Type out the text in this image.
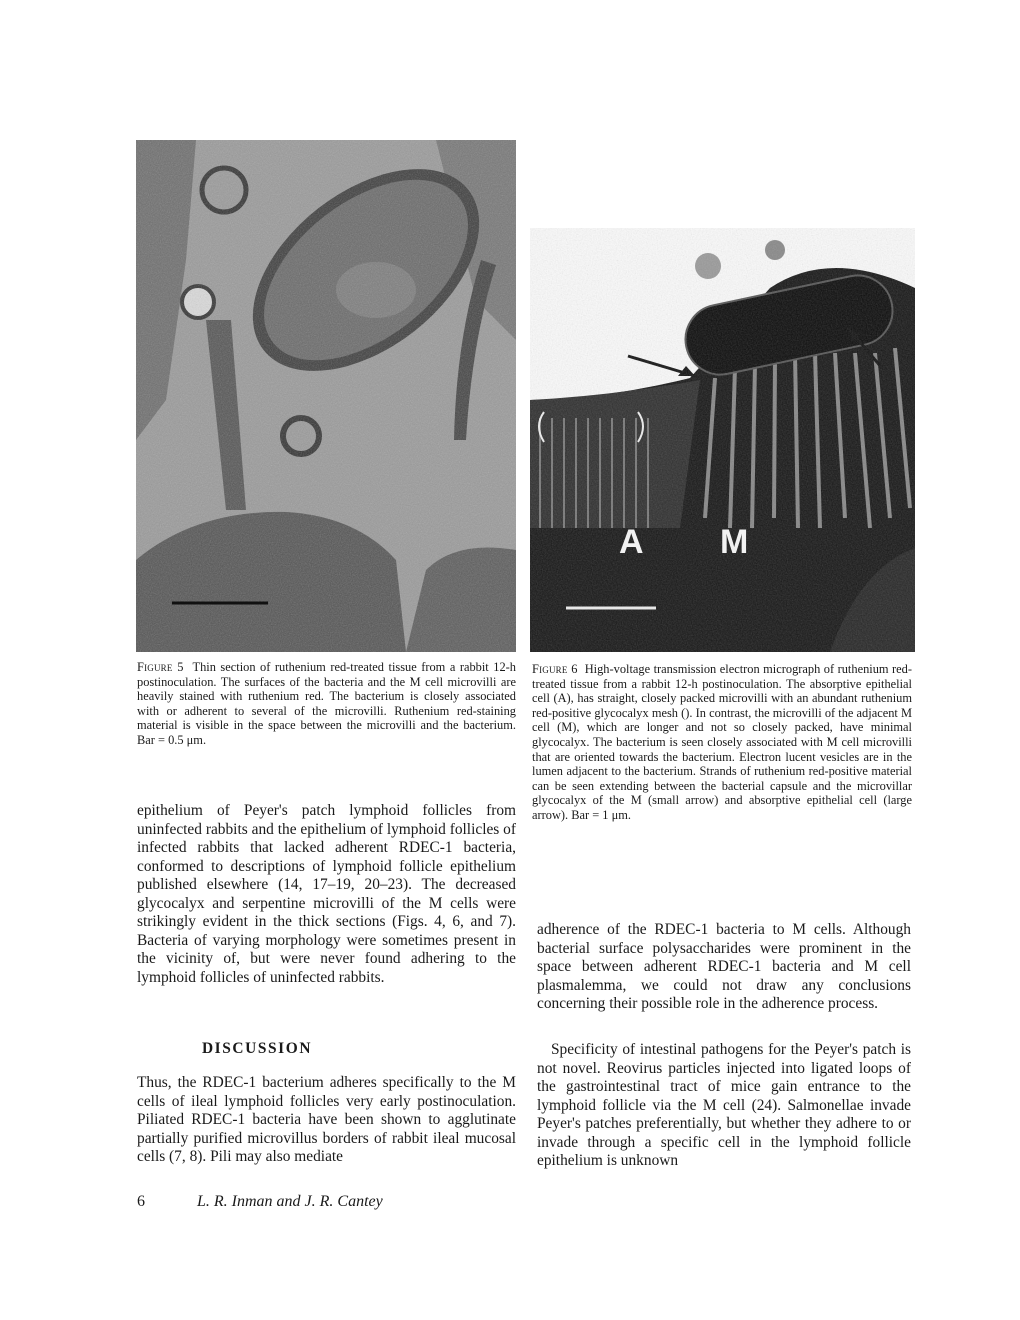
A M

Figure 5 Thin section of ruthenium red-treated tissue from a rabbit 12-h postinoculation. The surfaces of the bacteria and the M cell microvilli are heavily stained with ruthenium red. The bacterium is closely associated with or adherent to several of the microvilli. Ruthenium red-staining material is visible in the space between the microvilli and the bacterium. Bar = 0.5 μm.

Figure 6 High-voltage transmission electron micrograph of ruthenium red-treated tissue from a rabbit 12-h postinoculation. The absorptive epithelial cell (A), has straight, closely packed microvilli with an abundant ruthenium red-positive glycocalyx mesh (). In contrast, the microvilli of the adjacent M cell (M), which are longer and not so closely packed, have minimal glycocalyx. The bacterium is seen closely associated with M cell microvilli that are oriented towards the bacterium. Electron lucent vesicles are in the lumen adjacent to the bacterium. Strands of ruthenium red-positive material can be seen extending between the bacterial capsule and the microvillar glycocalyx of the M (small arrow) and absorptive epithelial cell (large arrow). Bar = 1 μm.

epithelium of Peyer's patch lymphoid follicles from uninfected rabbits and the epithelium of lymphoid follicles of infected rabbits that lacked adherent RDEC-1 bacteria, conformed to descriptions of lymphoid follicle epithelium published elsewhere (14, 17–19, 20–23). The decreased glycocalyx and serpentine microvilli of the M cells were strikingly evident in the thick sections (Figs. 4, 6, and 7). Bacteria of varying morphology were sometimes present in the vicinity of, but were never found adhering to the lymphoid follicles of uninfected rabbits.

DISCUSSION

Thus, the RDEC-1 bacterium adheres specifically to the M cells of ileal lymphoid follicles very early postinoculation. Piliated RDEC-1 bacteria have been shown to agglutinate partially purified microvillus borders of rabbit ileal mucosal cells (7, 8). Pili may also mediate

adherence of the RDEC-1 bacteria to M cells. Although bacterial surface polysaccharides were prominent in the space between adherent RDEC-1 bacteria and M cell plasmalemma, we could not draw any conclusions concerning their possible role in the adherence process.

Specificity of intestinal pathogens for the Peyer's patch is not novel. Reovirus particles injected into ligated loops of the gastrointestinal tract of mice gain entrance to the lymphoid follicle via the M cell (24). Salmonellae invade Peyer's patches preferentially, but whether they adhere to or invade through a specific cell in the lymphoid follicle epithelium is unknown

6	L. R. Inman and J. R. Cantey
